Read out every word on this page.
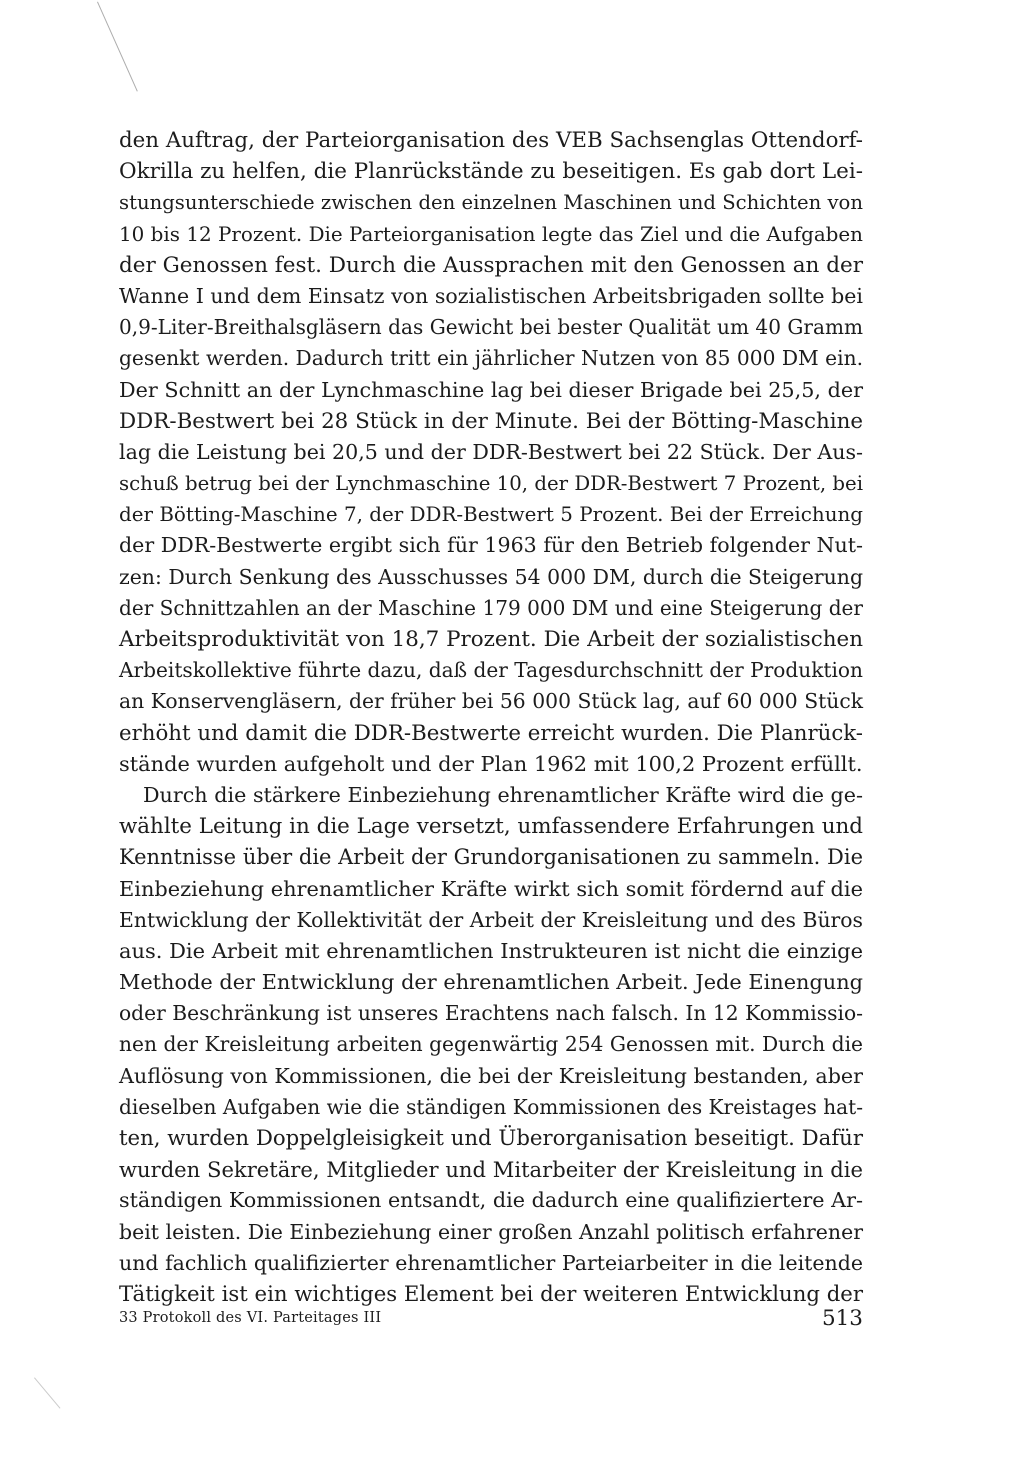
den Auftrag, der Parteiorganisation des VEB Sachsenglas Ottendorf-
Okrilla zu helfen, die Planrückstände zu beseitigen. Es gab dort Lei-
stungsunterschiede zwischen den einzelnen Maschinen und Schichten von
10 bis 12 Prozent. Die Parteiorganisation legte das Ziel und die Aufgaben
der Genossen fest. Durch die Aussprachen mit den Genossen an der
Wanne I und dem Einsatz von sozialistischen Arbeitsbrigaden sollte bei
0,9-Liter-Breithalsgläsern das Gewicht bei bester Qualität um 40 Gramm
gesenkt werden. Dadurch tritt ein jährlicher Nutzen von 85 000 DM ein.
Der Schnitt an der Lynchmaschine lag bei dieser Brigade bei 25,5, der
DDR-Bestwert bei 28 Stück in der Minute. Bei der Bötting-Maschine
lag die Leistung bei 20,5 und der DDR-Bestwert bei 22 Stück. Der Aus-
schuß betrug bei der Lynchmaschine 10, der DDR-Bestwert 7 Prozent, bei
der Bötting-Maschine 7, der DDR-Bestwert 5 Prozent. Bei der Erreichung
der DDR-Bestwerte ergibt sich für 1963 für den Betrieb folgender Nut-
zen: Durch Senkung des Ausschusses 54 000 DM, durch die Steigerung
der Schnittzahlen an der Maschine 179 000 DM und eine Steigerung der
Arbeitsproduktivität von 18,7 Prozent. Die Arbeit der sozialistischen
Arbeitskollektive führte dazu, daß der Tagesdurchschnitt der Produktion
an Konservengläsern, der früher bei 56 000 Stück lag, auf 60 000 Stück
erhöht und damit die DDR-Bestwerte erreicht wurden. Die Planrück-
stände wurden aufgeholt und der Plan 1962 mit 100,2 Prozent erfüllt.
Durch die stärkere Einbeziehung ehrenamtlicher Kräfte wird die ge-
wählte Leitung in die Lage versetzt, umfassendere Erfahrungen und
Kenntnisse über die Arbeit der Grundorganisationen zu sammeln. Die
Einbeziehung ehrenamtlicher Kräfte wirkt sich somit fördernd auf die
Entwicklung der Kollektivität der Arbeit der Kreisleitung und des Büros
aus. Die Arbeit mit ehrenamtlichen Instrukteuren ist nicht die einzige
Methode der Entwicklung der ehrenamtlichen Arbeit. Jede Einengung
oder Beschränkung ist unseres Erachtens nach falsch. In 12 Kommissio-
nen der Kreisleitung arbeiten gegenwärtig 254 Genossen mit. Durch die
Auflösung von Kommissionen, die bei der Kreisleitung bestanden, aber
dieselben Aufgaben wie die ständigen Kommissionen des Kreistages hat-
ten, wurden Doppelgleisigkeit und Überorganisation beseitigt. Dafür
wurden Sekretäre, Mitglieder und Mitarbeiter der Kreisleitung in die
ständigen Kommissionen entsandt, die dadurch eine qualifiziertere Ar-
beit leisten. Die Einbeziehung einer großen Anzahl politisch erfahrener
und fachlich qualifizierter ehrenamtlicher Parteiarbeiter in die leitende
Tätigkeit ist ein wichtiges Element bei der weiteren Entwicklung der
33 Protokoll des VI. Parteitages III	513
